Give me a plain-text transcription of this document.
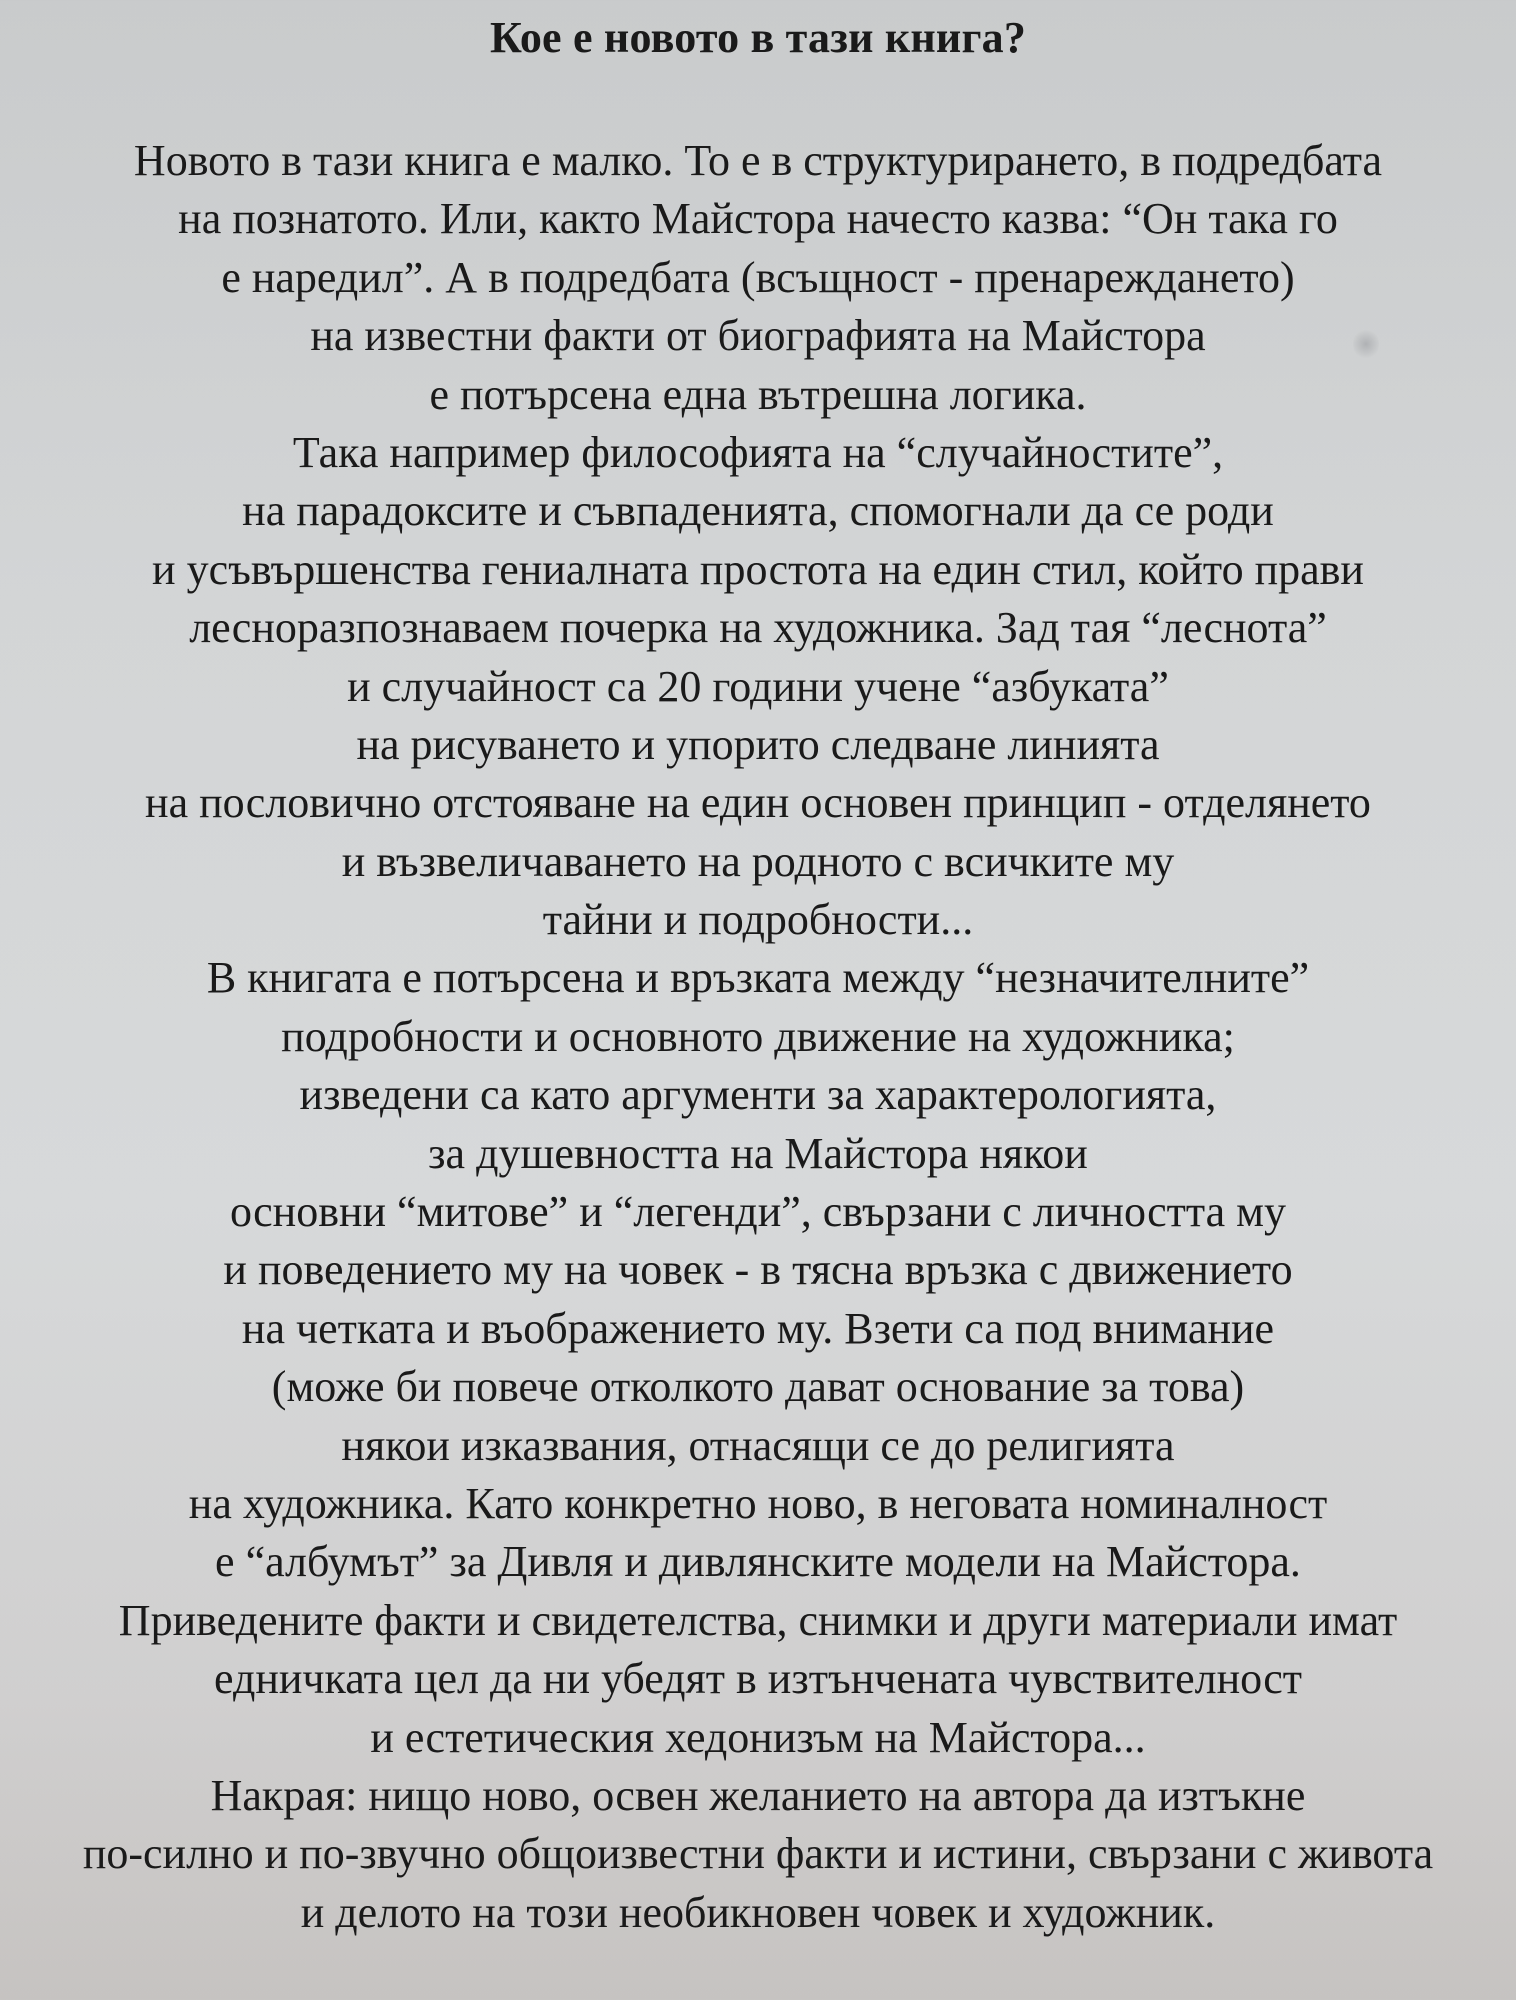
Кое е новото в тази книга?
Новото в тази книга е малко. То е в структурирането, в подредбата
на познатото. Или, както Майстора начесто казва: “Он така го
е наредил”. А в подредбата (всъщност - пренареждането)
на известни факти от биографията на Майстора
е потърсена една вътрешна логика.
Така например философията на “случайностите”,
на парадоксите и съвпаденията, спомогнали да се роди
и усъвършенства гениалната простота на един стил, който прави
лесноразпознаваем почерка на художника. Зад тая “леснота”
и случайност са 20 години учене “азбуката”
на рисуването и упорито следване линията
на пословично отстояване на един основен принцип - отделянето
и възвеличаването на родното с всичките му
тайни и подробности...
В книгата е потърсена и връзката между “незначителните”
подробности и основното движение на художника;
изведени са като аргументи за характерологията,
за душевността на Майстора някои
основни “митове” и “легенди”, свързани с личността му
и поведението му на човек - в тясна връзка с движението
на четката и въображението му. Взети са под внимание
(може би повече отколкото дават основание за това)
някои изказвания, отнасящи се до религията
на художника. Като конкретно ново, в неговата номиналност
е “албумът” за Дивля и дивлянските модели на Майстора.
Приведените факти и свидетелства, снимки и други материали имат
едничката цел да ни убедят в изтънчената чувствителност
и естетическия хедонизъм на Майстора...
Накрая: нищо ново, освен желанието на автора да изтъкне
по-силно и по-звучно общоизвестни факти и истини, свързани с живота
и делото на този необикновен човек и художник.
